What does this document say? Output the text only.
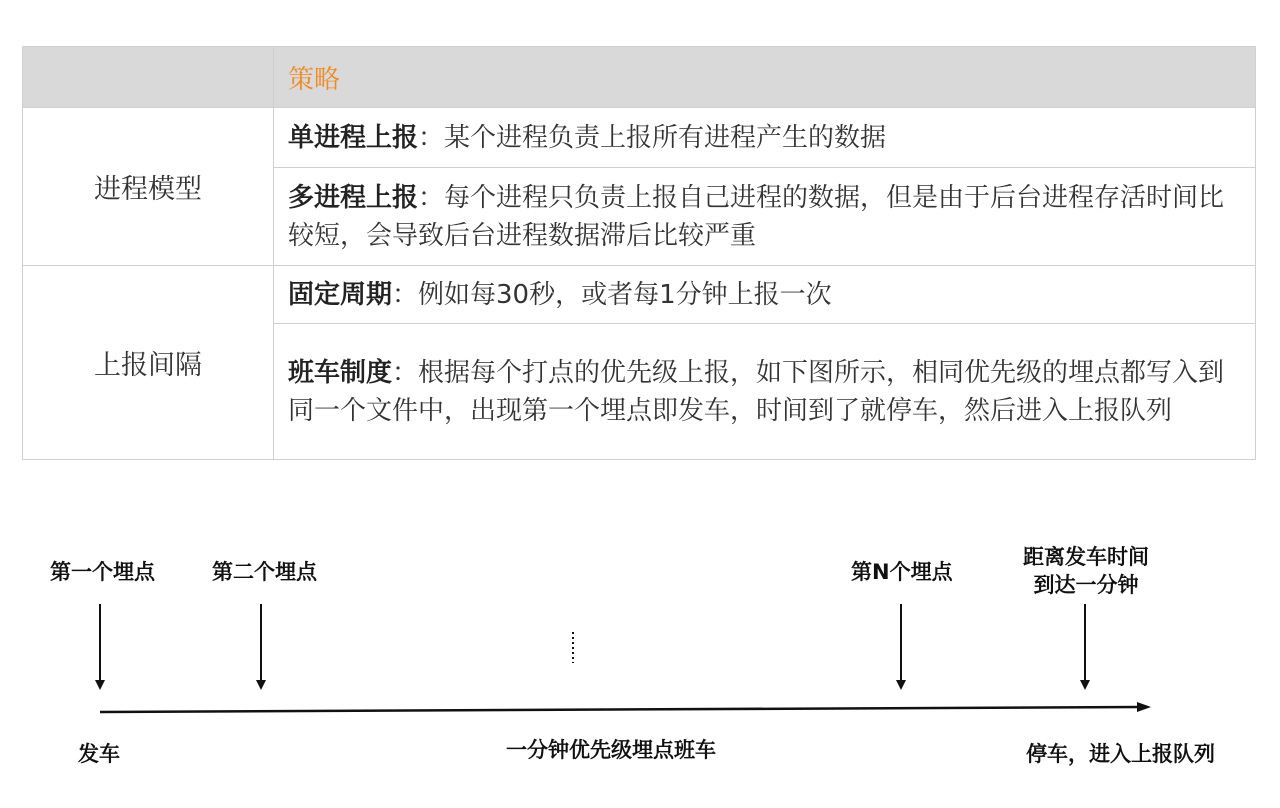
	策略
进程模型	单进程上报：某个进程负责上报所有进程产生的数据
	多进程上报：每个进程只负责上报自己进程的数据，但是由于后台进程存活时间比较短，会导致后台进程数据滞后比较严重
上报间隔	固定周期：例如每30秒，或者每1分钟上报一次
	班车制度：根据每个打点的优先级上报，如下图所示，相同优先级的埋点都写入到同一个文件中，出现第一个埋点即发车，时间到了就停车，然后进入上报队列
第一个埋点	第二个埋点	第N个埋点
距离发车时间
到达一分钟
发车	一分钟优先级埋点班车	停车，进入上报队列
